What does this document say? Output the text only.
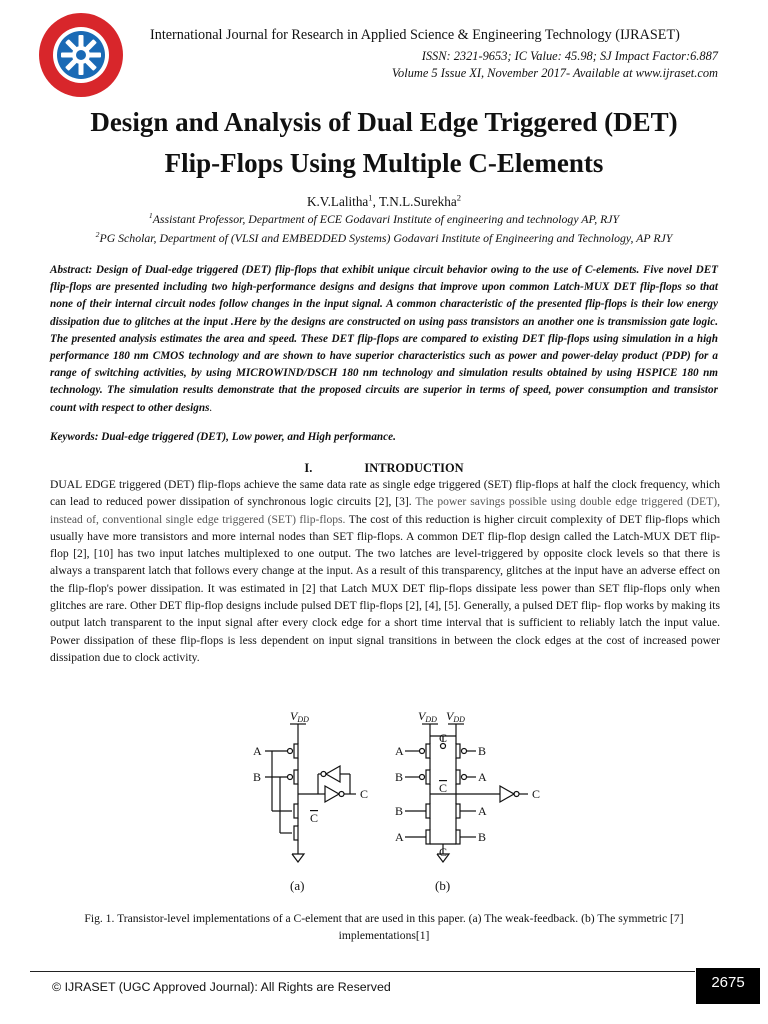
International Journal for Research in Applied Science & Engineering Technology (IJRASET)
ISSN: 2321-9653; IC Value: 45.98; SJ Impact Factor:6.887
Volume 5 Issue XI, November 2017- Available at www.ijraset.com
Design and Analysis of Dual Edge Triggered (DET)
Flip-Flops Using Multiple C-Elements
K.V.Lalitha$^1$, T.N.L.Surekha$^2$
$^1$Assistant Professor, Department of ECE Godavari Institute of engineering and technology AP, RJY
$^2$PG Scholar, Department of (VLSI and EMBEDDED Systems) Godavari Institute of Engineering and Technology, AP RJY
Abstract: Design of Dual-edge triggered (DET) flip-flops that exhibit unique circuit behavior owing to the use of C-elements. Five novel DET flip-flops are presented including two high-performance designs and designs that improve upon common Latch-MUX DET flip-flops so that none of their internal circuit nodes follow changes in the input signal. A common characteristic of the presented flip-flops is their low energy dissipation due to glitches at the input .Here by the designs are constructed on using pass transistors an another one is transmission gate logic. The presented analysis estimates the area and speed. These DET flip-flops are compared to existing DET flip-flops using simulation in a high performance 180 nm CMOS technology and are shown to have superior characteristics such as power and power-delay product (PDP) for a range of switching activities, by using MICROWIND/DSCH 180 nm technology and simulation results obtained by using HSPICE 180 nm technology. The simulation results demonstrate that the proposed circuits are superior in terms of speed, power consumption and transistor count with respect to other designs.
Keywords: Dual-edge triggered (DET), Low power, and High performance.
I.	INTRODUCTION
DUAL EDGE triggered (DET) flip-flops achieve the same data rate as single edge triggered (SET) flip-flops at half the clock frequency, which can lead to reduced power dissipation of synchronous logic circuits [2], [3]. The power savings possible using double edge triggered (DET), instead of, conventional single edge triggered (SET) flip-flops. The cost of this reduction is higher circuit complexity of DET flip-flops which usually have more transistors and more internal nodes than SET flip-flops. A common DET flip-flop design called the Latch-MUX DET flip-flop [2], [10] has two input latches multiplexed to one output. The two latches are level-triggered by opposite clock levels so that there is always a transparent latch that follows every change at the input. As a result of this transparency, glitches at the input have an adverse effect on the flip-flop's power dissipation. It was estimated in [2] that Latch MUX DET flip-flops dissipate less power than SET flip-flops only when glitches are rare. Other DET flip-flop designs include pulsed DET flip-flops [2], [4], [5]. Generally, a pulsed DET flip- flop works by making its output latch transparent to the input signal after every clock edge for a short time interval that is sufficient to reliably latch the input value. Power dissipation of these flip-flops is less dependent on input signal transitions in between the clock edges at the cost of increased power dissipation due to clock activity.
VDD
A
B
C
C
VDD VDD
C
A	B
B	A
C
B	A
A	B
C
C
(a)	(b)
Fig. 1. Transistor-level implementations of a C-element that are used in this paper. (a) The weak-feedback. (b) The symmetric [7] implementations[1]
© IJRASET (UGC Approved Journal): All Rights are Reserved	2675
